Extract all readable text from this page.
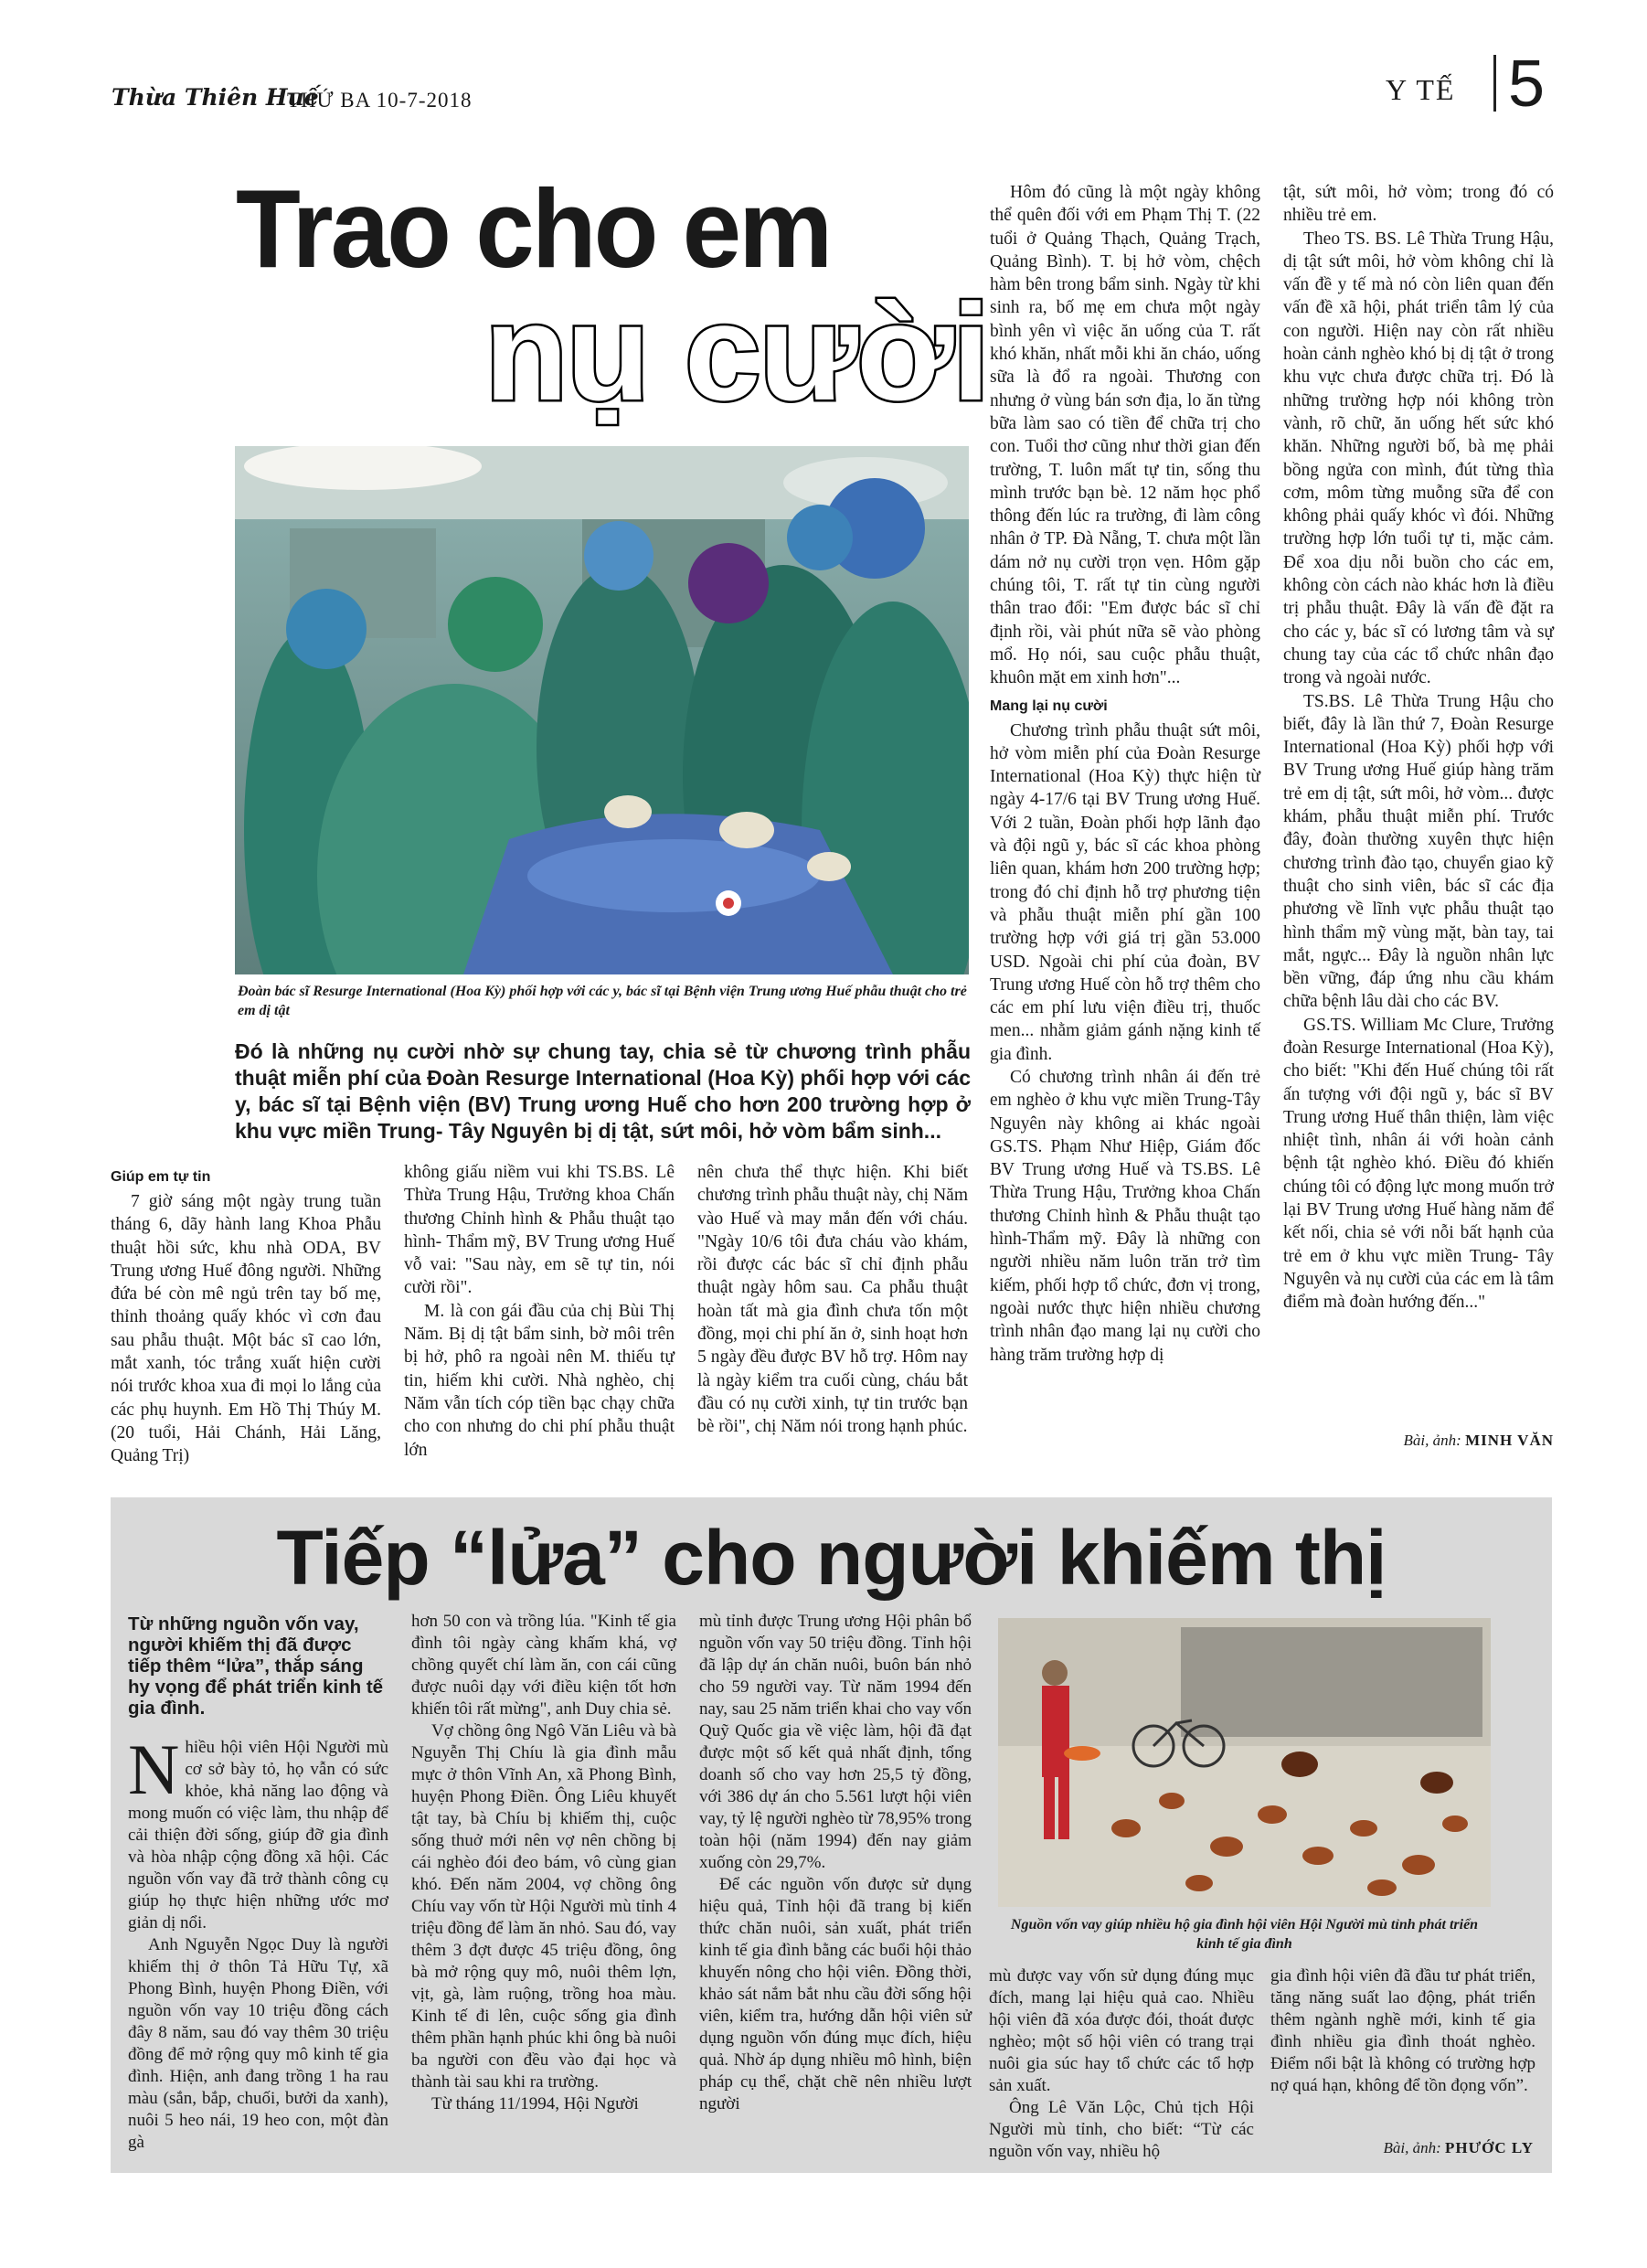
Thừa Thiên Huế
THỨ BA 10-7-2018	Y TẾ 5
Trao cho em
nụ cười
Đoàn bác sĩ Resurge International (Hoa Kỳ) phối hợp với các y, bác sĩ tại Bệnh viện Trung ương Huế phẫu thuật cho trẻ em dị tật
Đó là những nụ cười nhờ sự chung tay, chia sẻ từ chương trình phẫu thuật miễn phí của Đoàn Resurge International (Hoa Kỳ) phối hợp với các y, bác sĩ tại Bệnh viện (BV) Trung ương Huế cho hơn 200 trường hợp ở khu vực miền Trung- Tây Nguyên bị dị tật, sứt môi, hở vòm bẩm sinh...
Giúp em tự tin

7 giờ sáng một ngày trung tuần tháng 6, dãy hành lang Khoa Phẫu thuật hồi sức, khu nhà ODA, BV Trung ương Huế đông người. Những đứa bé còn mê ngủ trên tay bố mẹ, thỉnh thoảng quấy khóc vì cơn đau sau phẫu thuật. Một bác sĩ cao lớn, mắt xanh, tóc trắng xuất hiện cười nói trước khoa xua đi mọi lo lắng của các phụ huynh. Em Hồ Thị Thúy M. (20 tuổi, Hải Chánh, Hải Lăng, Quảng Trị)

không giấu niềm vui khi TS.BS. Lê Thừa Trung Hậu, Trưởng khoa Chấn thương Chỉnh hình & Phẫu thuật tạo hình- Thẩm mỹ, BV Trung ương Huế vỗ vai: "Sau này, em sẽ tự tin, nói cười rồi".

M. là con gái đầu của chị Bùi Thị Năm. Bị dị tật bẩm sinh, bờ môi trên bị hở, phô ra ngoài nên M. thiếu tự tin, hiếm khi cười. Nhà nghèo, chị Năm vẫn tích cóp tiền bạc chạy chữa cho con nhưng do chi phí phẫu thuật lớn

nên chưa thể thực hiện. Khi biết chương trình phẫu thuật này, chị Năm vào Huế và may mắn đến với cháu. "Ngày 10/6 tôi đưa cháu vào khám, rồi được các bác sĩ chỉ định phẫu thuật ngày hôm sau. Ca phẫu thuật hoàn tất mà gia đình chưa tốn một đồng, mọi chi phí ăn ở, sinh hoạt hơn 5 ngày đều được BV hỗ trợ. Hôm nay là ngày kiểm tra cuối cùng, cháu bắt đầu có nụ cười xinh, tự tin trước bạn bè rồi", chị Năm nói trong hạnh phúc.

Hôm đó cũng là một ngày không thể quên đối với em Phạm Thị T. (22 tuổi ở Quảng Thạch, Quảng Trạch, Quảng Bình). T. bị hở vòm, chệch hàm bên trong bẩm sinh. Ngày từ khi sinh ra, bố mẹ em chưa một ngày bình yên vì việc ăn uống của T. rất khó khăn, nhất mỗi khi ăn cháo, uống sữa là đổ ra ngoài. Thương con nhưng ở vùng bán sơn địa, lo ăn từng bữa làm sao có tiền để chữa trị cho con. Tuổi thơ cũng như thời gian đến trường, T. luôn mất tự tin, sống thu mình trước bạn bè. 12 năm học phổ thông đến lúc ra trường, đi làm công nhân ở TP. Đà Nẵng, T. chưa một lần dám nở nụ cười trọn vẹn. Hôm gặp chúng tôi, T. rất tự tin cùng người thân trao đổi: "Em được bác sĩ chỉ định rồi, vài phút nữa sẽ vào phòng mổ. Họ nói, sau cuộc phẫu thuật, khuôn mặt em xinh hơn"...

Mang lại nụ cười

Chương trình phẫu thuật sứt môi, hở vòm miễn phí của Đoàn Resurge International (Hoa Kỳ) thực hiện từ ngày 4-17/6 tại BV Trung ương Huế. Với 2 tuần, Đoàn phối hợp lãnh đạo và đội ngũ y, bác sĩ các khoa phòng liên quan, khám hơn 200 trường hợp; trong đó chỉ định hỗ trợ phương tiện và phẫu thuật miễn phí gần 100 trường hợp với giá trị gần 53.000 USD. Ngoài chi phí của đoàn, BV Trung ương Huế còn hỗ trợ thêm cho các em phí lưu viện điều trị, thuốc men... nhằm giảm gánh nặng kinh tế gia đình.

Có chương trình nhân ái đến trẻ em nghèo ở khu vực miền Trung-Tây Nguyên này không ai khác ngoài GS.TS. Phạm Như Hiệp, Giám đốc BV Trung ương Huế và TS.BS. Lê Thừa Trung Hậu, Trưởng khoa Chấn thương Chỉnh hình & Phẫu thuật tạo hình-Thẩm mỹ. Đây là những con người nhiều năm luôn trăn trở tìm kiếm, phối hợp tổ chức, đơn vị trong, ngoài nước thực hiện nhiều chương trình nhân đạo mang lại nụ cười cho hàng trăm trường hợp dị

tật, sứt môi, hở vòm; trong đó có nhiều trẻ em.

Theo TS. BS. Lê Thừa Trung Hậu, dị tật sứt môi, hở vòm không chỉ là vấn đề y tế mà nó còn liên quan đến vấn đề xã hội, phát triển tâm lý của con người. Hiện nay còn rất nhiều hoàn cảnh nghèo khó bị dị tật ở trong khu vực chưa được chữa trị. Đó là những trường hợp nói không tròn vành, rõ chữ, ăn uống hết sức khó khăn. Những người bố, bà mẹ phải bồng ngửa con mình, đút từng thìa cơm, môm từng muỗng sữa để con không phải quấy khóc vì đói. Những trường hợp lớn tuổi tự ti, mặc cảm. Để xoa dịu nỗi buồn cho các em, không còn cách nào khác hơn là điều trị phẫu thuật. Đây là vấn đề đặt ra cho các y, bác sĩ có lương tâm và sự chung tay của các tổ chức nhân đạo trong và ngoài nước.

TS.BS. Lê Thừa Trung Hậu cho biết, đây là lần thứ 7, Đoàn Resurge International (Hoa Kỳ) phối hợp với BV Trung ương Huế giúp hàng trăm trẻ em dị tật, sứt môi, hở vòm... được khám, phẫu thuật miễn phí. Trước đây, đoàn thường xuyên thực hiện chương trình đào tạo, chuyển giao kỹ thuật cho sinh viên, bác sĩ các địa phương về lĩnh vực phẫu thuật tạo hình thẩm mỹ vùng mặt, bàn tay, tai mắt, ngực... Đây là nguồn nhân lực bền vững, đáp ứng nhu cầu khám chữa bệnh lâu dài cho các BV.

GS.TS. William Mc Clure, Trưởng đoàn Resurge International (Hoa Kỳ), cho biết: "Khi đến Huế chúng tôi rất ấn tượng với đội ngũ y, bác sĩ BV Trung ương Huế thân thiện, làm việc nhiệt tình, nhân ái với hoàn cảnh bệnh tật nghèo khó. Điều đó khiến chúng tôi có động lực mong muốn trở lại BV Trung ương Huế hàng năm để kết nối, chia sẻ với nỗi bất hạnh của trẻ em ở khu vực miền Trung- Tây Nguyên và nụ cười của các em là tâm điểm mà đoàn hướng đến..."

Bài, ảnh: MINH VĂN
Tiếp “lửa” cho người khiếm thị
Từ những nguồn vốn vay, người khiếm thị đã được tiếp thêm “lửa”, thắp sáng hy vọng để phát triển kinh tế gia đình.

Nhiều hội viên Hội Người mù cơ sở bày tỏ, họ vẫn có sức khỏe, khả năng lao động và mong muốn có việc làm, thu nhập để cải thiện đời sống, giúp đỡ gia đình và hòa nhập cộng đồng xã hội. Các nguồn vốn vay đã trở thành công cụ giúp họ thực hiện những ước mơ giản dị nổi.

Anh Nguyễn Ngọc Duy là người khiếm thị ở thôn Tả Hữu Tự, xã Phong Bình, huyện Phong Điền, với nguồn vốn vay 10 triệu đồng cách đây 8 năm, sau đó vay thêm 30 triệu đồng để mở rộng quy mô kinh tế gia đình. Hiện, anh đang trồng 1 ha rau màu (sắn, bắp, chuối, bưởi da xanh), nuôi 5 heo nái, 19 heo con, một đàn gà

hơn 50 con và trồng lúa. "Kinh tế gia đình tôi ngày càng khấm khá, vợ chồng quyết chí làm ăn, con cái cũng được nuôi dạy với điều kiện tốt hơn khiến tôi rất mừng", anh Duy chia sẻ.

Vợ chồng ông Ngô Văn Liêu và bà Nguyễn Thị Chíu là gia đình mẫu mực ở thôn Vĩnh An, xã Phong Bình, huyện Phong Điền. Ông Liêu khuyết tật tay, bà Chíu bị khiếm thị, cuộc sống thuở mới nên vợ nên chồng bị cái nghèo đói đeo bám, vô cùng gian khó. Đến năm 2004, vợ chồng ông Chíu vay vốn từ Hội Người mù tỉnh 4 triệu đồng để làm ăn nhỏ. Sau đó, vay thêm 3 đợt được 45 triệu đồng, ông bà mở rộng quy mô, nuôi thêm lợn, vịt, gà, làm ruộng, trồng hoa màu. Kinh tế đi lên, cuộc sống gia đình thêm phần hạnh phúc khi ông bà nuôi ba người con đều vào đại học và thành tài sau khi ra trường.

Từ tháng 11/1994, Hội Người

mù tỉnh được Trung ương Hội phân bổ nguồn vốn vay 50 triệu đồng. Tỉnh hội đã lập dự án chăn nuôi, buôn bán nhỏ cho 59 người vay. Từ năm 1994 đến nay, sau 25 năm triển khai cho vay vốn Quỹ Quốc gia về việc làm, hội đã đạt được một số kết quả nhất định, tổng doanh số cho vay hơn 25,5 tỷ đồng, với 386 dự án cho 5.561 lượt hội viên vay, tỷ lệ người nghèo từ 78,95% trong toàn hội (năm 1994) đến nay giảm xuống còn 29,7%.

Để các nguồn vốn được sử dụng hiệu quả, Tỉnh hội đã trang bị kiến thức chăn nuôi, sản xuất, phát triển kinh tế gia đình bằng các buổi hội thảo khuyến nông cho hội viên. Đồng thời, khảo sát nắm bắt nhu cầu đời sống hội viên, kiểm tra, hướng dẫn hội viên sử dụng nguồn vốn đúng mục đích, hiệu quả. Nhờ áp dụng nhiều mô hình, biện pháp cụ thể, chặt chẽ nên nhiều lượt người

Nguồn vốn vay giúp nhiều hộ gia đình hội viên Hội Người mù tỉnh phát triển kinh tế gia đình

mù được vay vốn sử dụng đúng mục đích, mang lại hiệu quả cao. Nhiều hội viên đã xóa được đói, thoát được nghèo; một số hội viên có trang trại nuôi gia súc hay tổ chức các tổ hợp sản xuất.

Ông Lê Văn Lộc, Chủ tịch Hội Người mù tỉnh, cho biết: “Từ các nguồn vốn vay, nhiều hộ

gia đình hội viên đã đầu tư phát triển, tăng năng suất lao động, phát triển thêm ngành nghề mới, kinh tế gia đình nhiều gia đình thoát nghèo. Điểm nổi bật là không có trường hợp nợ quá hạn, không để tồn đọng vốn”.

Bài, ảnh: PHƯỚC LY
